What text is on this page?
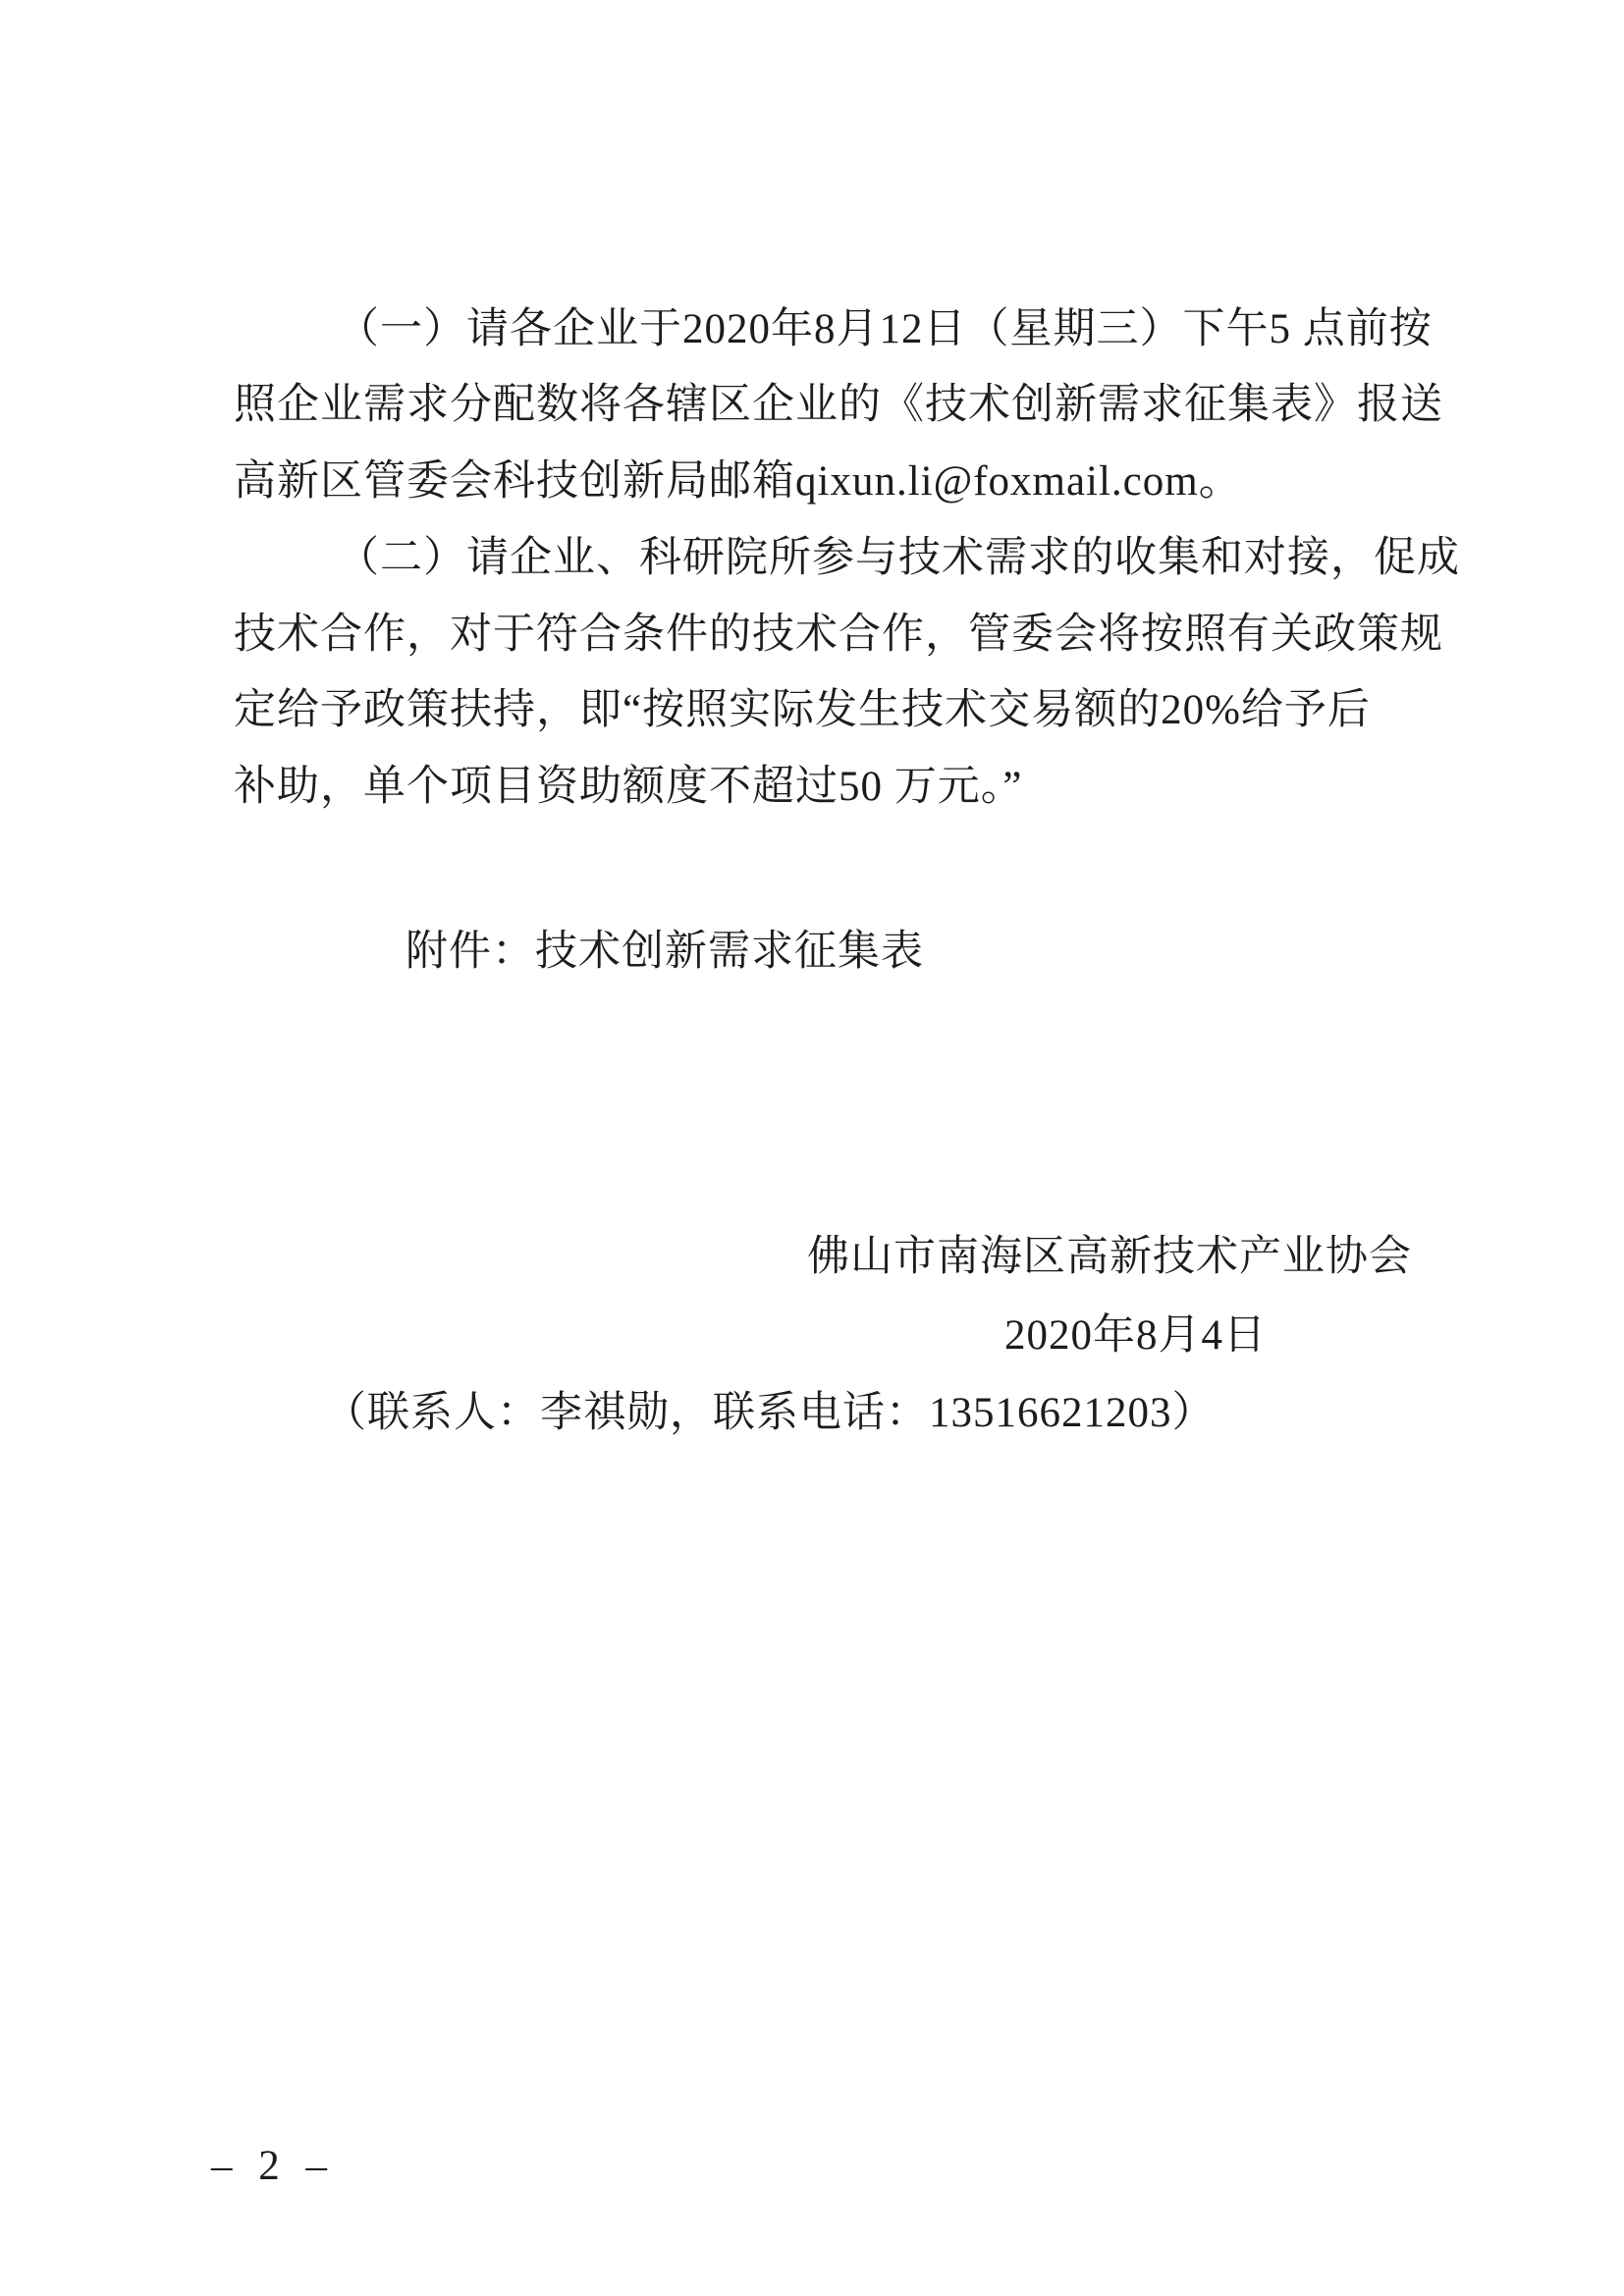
（一）请各企业于2020年8月12日（星期三）下午5 点前按
照企业需求分配数将各辖区企业的《技术创新需求征集表》报送
高新区管委会科技创新局邮箱qixun.li@foxmail.com。
（二）请企业、科研院所参与技术需求的收集和对接，促成
技术合作，对于符合条件的技术合作，管委会将按照有关政策规
定给予政策扶持，即“按照实际发生技术交易额的20%给予后
补助，单个项目资助额度不超过50 万元。”
附件：技术创新需求征集表
佛山市南海区高新技术产业协会
2020年8月4日
（联系人：李祺勋，联系电话：13516621203）
– 2 –
